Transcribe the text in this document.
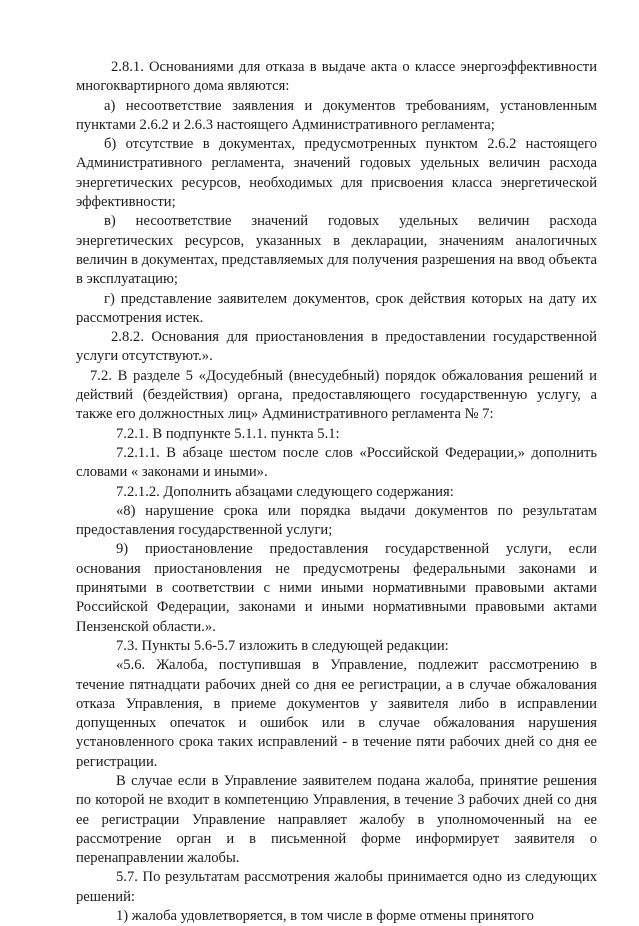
2.8.1. Основаниями для отказа в выдаче акта о классе энергоэффективности многоквартирного дома являются:

а) несоответствие заявления и документов требованиям, установленным пунктами 2.6.2 и 2.6.3 настоящего Административного регламента;

б) отсутствие в документах, предусмотренных пунктом 2.6.2 настоящего Административного регламента, значений годовых удельных величин расхода энергетических ресурсов, необходимых для присвоения класса энергетической эффективности;

в) несоответствие значений годовых удельных величин расхода энергетических ресурсов, указанных в декларации, значениям аналогичных величин в документах, представляемых для получения разрешения на ввод объекта в эксплуатацию;

г) представление заявителем документов, срок действия которых на дату их рассмотрения истек.

2.8.2. Основания для приостановления в предоставлении государственной услуги отсутствуют.».

7.2. В разделе 5 «Досудебный (внесудебный) порядок обжалования решений и действий (бездействия) органа, предоставляющего государственную услугу, а также его должностных лиц» Административного регламента № 7:

7.2.1. В подпункте 5.1.1. пункта 5.1:

7.2.1.1. В абзаце шестом после слов «Российской Федерации,» дополнить словами « законами и иными».

7.2.1.2. Дополнить абзацами следующего содержания:

«8) нарушение срока или порядка выдачи документов по результатам предоставления государственной услуги;

9) приостановление предоставления государственной услуги, если основания приостановления не предусмотрены федеральными законами и принятыми в соответствии с ними иными нормативными правовыми актами Российской Федерации, законами и иными нормативными правовыми актами Пензенской области.».

7.3. Пункты 5.6-5.7 изложить в следующей редакции:

«5.6. Жалоба, поступившая в Управление, подлежит рассмотрению в течение пятнадцати рабочих дней со дня ее регистрации, а в случае обжалования отказа Управления, в приеме документов у заявителя либо в исправлении допущенных опечаток и ошибок или в случае обжалования нарушения установленного срока таких исправлений - в течение пяти рабочих дней со дня ее регистрации.

В случае если в Управление заявителем подана жалоба, принятие решения по которой не входит в компетенцию Управления, в течение 3 рабочих дней со дня ее регистрации Управление направляет жалобу в уполномоченный на ее рассмотрение орган и в письменной форме информирует заявителя о перенаправлении жалобы.

5.7. По результатам рассмотрения жалобы принимается одно из следующих решений:

1) жалоба удовлетворяется, в том числе в форме отмены принятого
